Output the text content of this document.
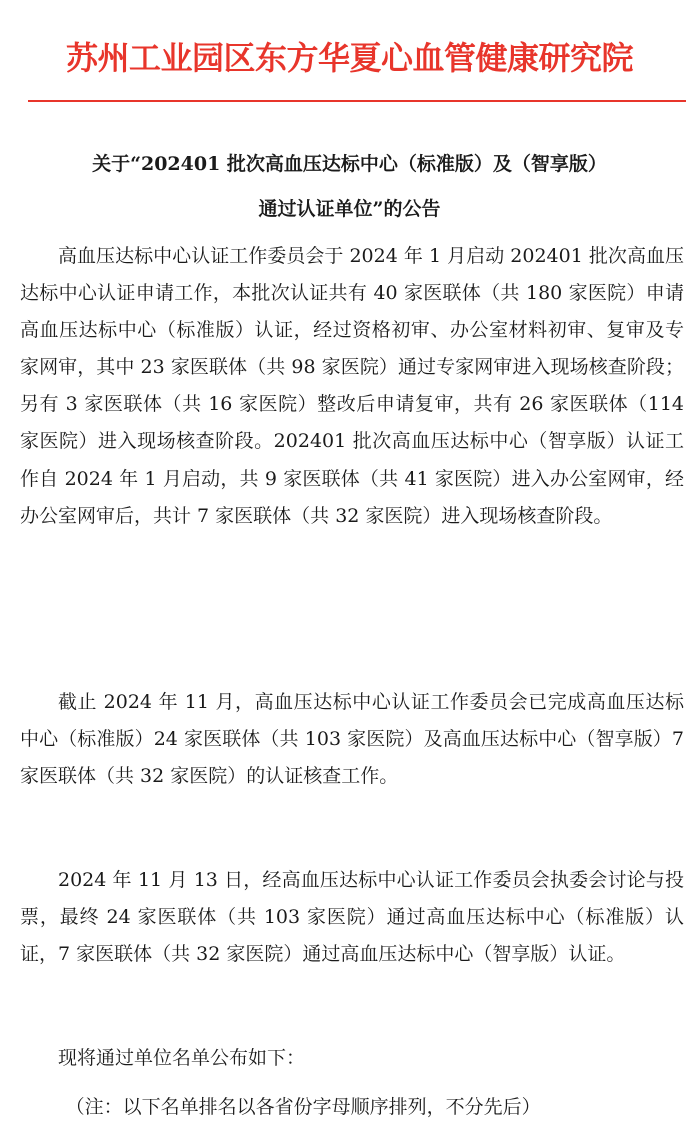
苏州工业园区东方华夏心血管健康研究院
关于“202401 批次高血压达标中心（标准版）及（智享版）
通过认证单位”的公告

高血压达标中心认证工作委员会于 2024 年 1 月启动 202401 批次高血压达标中心认证申请工作，本批次认证共有 40 家医联体（共 180 家医院）申请高血压达标中心（标准版）认证，经过资格初审、办公室材料初审、复审及专家网审，其中 23 家医联体（共 98 家医院）通过专家网审进入现场核查阶段；另有 3 家医联体（共 16 家医院）整改后申请复审，共有 26 家医联体（114 家医院）进入现场核查阶段。202401 批次高血压达标中心（智享版）认证工作自 2024 年 1 月启动，共 9 家医联体（共 41 家医院）进入办公室网审，经办公室网审后，共计 7 家医联体（共 32 家医院）进入现场核查阶段。

截止 2024 年 11 月，高血压达标中心认证工作委员会已完成高血压达标中心（标准版）24 家医联体（共 103 家医院）及高血压达标中心（智享版）7 家医联体（共 32 家医院）的认证核查工作。

2024 年 11 月 13 日，经高血压达标中心认证工作委员会执委会讨论与投票，最终 24 家医联体（共 103 家医院）通过高血压达标中心（标准版）认证，7 家医联体（共 32 家医院）通过高血压达标中心（智享版）认证。

现将通过单位名单公布如下：

（注：以下名单排名以各省份字母顺序排列，不分先后）
